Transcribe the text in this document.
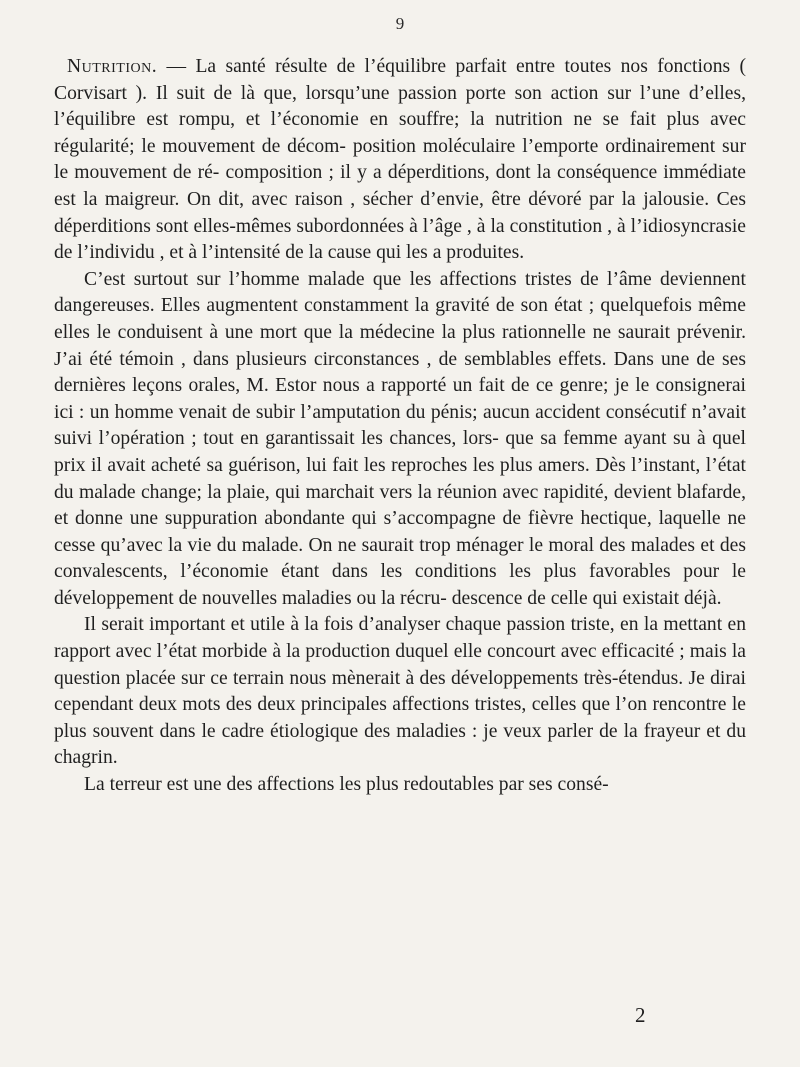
9

Nutrition. — La santé résulte de l’équilibre parfait entre toutes nos fonctions ( Corvisart ). Il suit de là que, lorsqu’une passion porte son action sur l’une d’elles, l’équilibre est rompu, et l’économie en souffre; la nutrition ne se fait plus avec régularité; le mouvement de décom- position moléculaire l’emporte ordinairement sur le mouvement de ré- composition ; il y a déperditions, dont la conséquence immédiate est la maigreur. On dit, avec raison , sécher d’envie, être dévoré par la jalousie. Ces déperditions sont elles-mêmes subordonnées à l’âge , à la constitution , à l’idiosyncrasie de l’individu , et à l’intensité de la cause qui les a produites.

C’est surtout sur l’homme malade que les affections tristes de l’âme deviennent dangereuses. Elles augmentent constamment la gravité de son état ; quelquefois même elles le conduisent à une mort que la médecine la plus rationnelle ne saurait prévenir. J’ai été témoin , dans plusieurs circonstances , de semblables effets. Dans une de ses dernières leçons orales, M. Estor nous a rapporté un fait de ce genre; je le consignerai ici : un homme venait de subir l’amputation du pénis; aucun accident consécutif n’avait suivi l’opération ; tout en garantissait les chances, lors- que sa femme ayant su à quel prix il avait acheté sa guérison, lui fait les reproches les plus amers. Dès l’instant, l’état du malade change; la plaie, qui marchait vers la réunion avec rapidité, devient blafarde, et donne une suppuration abondante qui s’accompagne de fièvre hectique, laquelle ne cesse qu’avec la vie du malade. On ne saurait trop ménager le moral des malades et des convalescents, l’économie étant dans les conditions les plus favorables pour le développement de nouvelles maladies ou la récru- descence de celle qui existait déjà.

Il serait important et utile à la fois d’analyser chaque passion triste, en la mettant en rapport avec l’état morbide à la production duquel elle concourt avec efficacité ; mais la question placée sur ce terrain nous mènerait à des développements très-étendus. Je dirai cependant deux mots des deux principales affections tristes, celles que l’on rencontre le plus souvent dans le cadre étiologique des maladies : je veux parler de la frayeur et du chagrin.

La terreur est une des affections les plus redoutables par ses consé-

2
